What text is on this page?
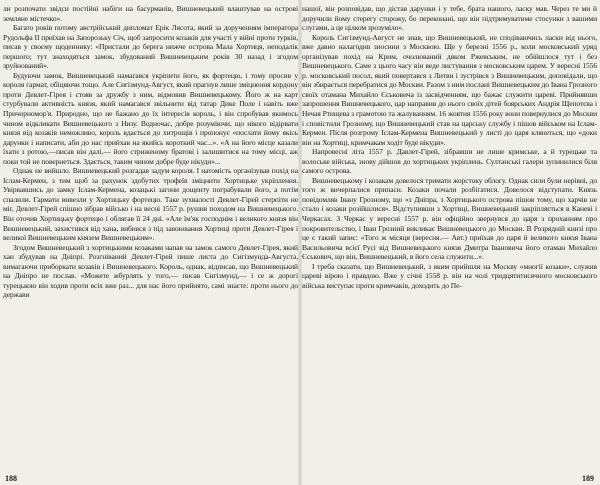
ли розпочати звідси постійні набіги на басурманів, Вишневецький влаштував на острові земляне містечко».

Багато років потому австрійський дипломат Ерік Лясота, який за дорученням імператора Рудольфа ІІ приїхав на Запорозьку Січ, щоб запросити козаків для участі у війні проти турків, писав у своєму щоденнику: «Пристали до берега нижче острова Мала Хортиця, неподалік першого; тут знаходяться замок, збудований Вишневецьким років 30 назад і згодом зруйнований».

Будуючи замок, Вишневецький намагався укріпити його, як фортецю, і тому просив у короля гармат, обіцяючи тощо. Але Сигізмунд-Август, який прагнув лише зміцнення кордону проти Девлет-Гірея і стояв за дружбу з ним, відмовив Вишневецькому. Його ж на карт стурбували активність князя, який намагався звільнити від татар Дике Поле і навіть вже Причорномор'я. Природно, що не бажано до їх інтересів король, і він спробував якимось чином відкликати Вишневецького з Низу. Водночас, добре розуміючи, що нікого відірвати князя від козаків неможливо, король вдається до хитрощів і пропонує «послати йому якісь дарунки і написати, аби до нас прийхав на якийсь короткий час...». «А на його місце казали їхати з ротою,—писав він далі,— його стриженому братові і залишитися на тому місці, аж поки той не повернеться. Здається, таким чином добре буде нікуди»...

Однак не вийшло. Вишневецький розгадав задум короля. І натомість організував похід на Іслам-Кермен, з тим щоб за рахунок здобутих трофеїв зміцнити Хортицьке укріплення. Увірвавшись до замку Іслам-Кермена, козацькі загони дощенту пограбували його, а потім спалили. Гармати вивезли у Хортицьку фортецю. Таке зухвалості Девлет-Гірей стерпіти не міг, Девлет-Гірей спішно зібрав військо і на весні 1557 р. рушив походом на Вишневецького. Він оточив Хортицьку фортецю і облягав її 24 дні. «Але їм'як господнім і великого князя він Вишневецький, захистився від хана, вибився з під завоювання Хортиці проти Девлет-Гірея і великої Вишневецьким князем Вишневецьким».

Згодом Вишневецький з хортицькими козаками напав на замок самого Девлет-Гірея, який хан збудував на Дніпрі. Розгніваний Девлет-Гірей пише листа до Сигізмунда-Августа, вимагаючи приборкати козаків і Вишневецького. Король, однак, відписав, що Вишневецький на Дніпро не послав. «Можете жбурлять у того,— писав Сигізмунд,— і се ж дорогі турецькою він ходив проти всіх вже раз... для нас його прийнято, самі знаєте: проти нього до держави

188

нашої, він розповідав, що дістав дарунки і у тебе, брата нашого, ласку мав. Через те ми й доручили йому стерегу сторожу, бо переконані, що він підтримуватиме стосунки з вашими слугами, а це цілком зрозуміло».

Король Сигізмунд-Август не знав, що Вишневецький, не сподіваючись ласки від нього, вже давно налагодив зносини з Москвою. Ще у березні 1556 р., коли московський уряд організував похід на Крим, очолюваний дяком Ржевським, не обійшлося тут і без Вишневецького. Саме з цього часу він веде листування з московським царем. У вересні 1556 р. московський посол, який повертався з Литви і зустрівся з Вишневецьким, доповідали, що він збирається перебратися до Москви. Разом з ним послані Вишневецьким до Івана Грозного своїх отамана Михайло Єськовича із засвідченням, що бажає служити цареві. Прийнявши запрошення Вишневецького, цар направив до нього своїх дітей боярських Андрія Щепотєва і Нечая Ртищева з грамотою та жалуванням. 16 жовтня 1556 року вони повернулися до Москви і сповістили Грозному, що Вишневецький став на царську службу і пішов військом на Іслам-Кермен. Після розгрому Іслам-Кермена Вишневецький у листі до царя клянеться, що «доки він на Хортиці, кримчакам ходіт буде нікуди».

Напровесні літа 1557 р. Давлет-Гірей, зібравши не лише кримське, а й турецьке та волоське війська, знову дійшов до хортицьких укріплень. Султанські галери зупинилися біля самого острова.

Вишневецькому і козакам довелося тримати жорстоку облогу. Однак сили були нерівні, до того ж вичерпалися припаси. Козаки почали розбігатися. Довелося відступати. Князь повідомляв Івану Грозному, що «з Дніпра, з Хортицького острова пішов тому, що харчів не стало і козаки розійшлися». Відступивши з Хортиці, Вишневецький закріпляється в Каневі і Черкасах. З Черкас у вересні 1557 р. він офіційно звернувся до царя з проханням про покровительство, і Іван Грозний викликає Вишневецького до Москви. В Розрядній книзі про це є такий запис: «Того ж місяця (вересня.— Авт.) приїхав до царя й великого князя Івана Васильовича всієї Русі від Вишневецького князя Дмитра Івановича його отаман Михайло Єськович, що він, Вишневецький, в його села служити...».

І треба сказати, що Вишневецький, з яким прийшли на Москву «многії козаки», служив цареві вірою і правдою. Вже у січні 1558 р. він на чолі тридцятитисячного московського війська виступає проти кримчаків, доходить до Пе-

189
